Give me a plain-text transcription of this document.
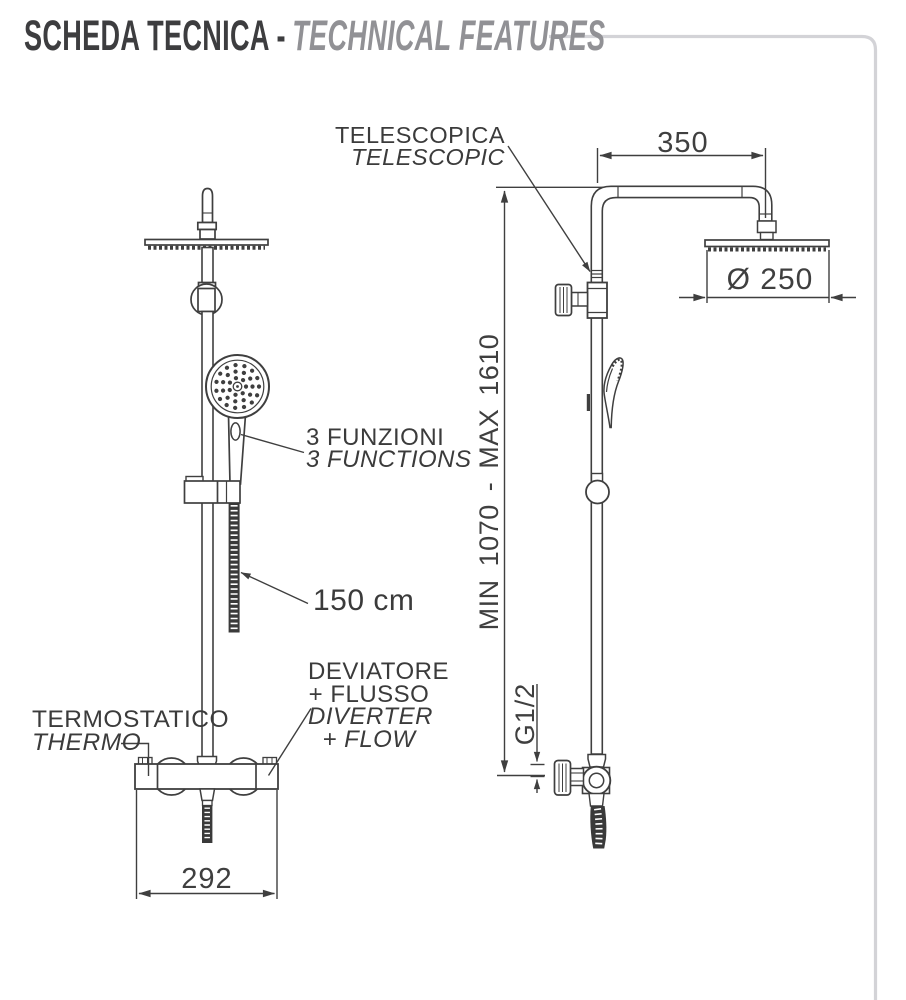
SCHEDA TECNICA - TECHNICAL FEATURES
TELESCOPICA
TELESCOPIC	350
Ø 250
MIN 1070 - MAX 1610
3 FUNZIONI
3 FUNCTIONS
150 cm
DEVIATORE
+ FLUSSO
DIVERTER
+ FLOW
TERMOSTATICO
THERMO	G1/2
292
